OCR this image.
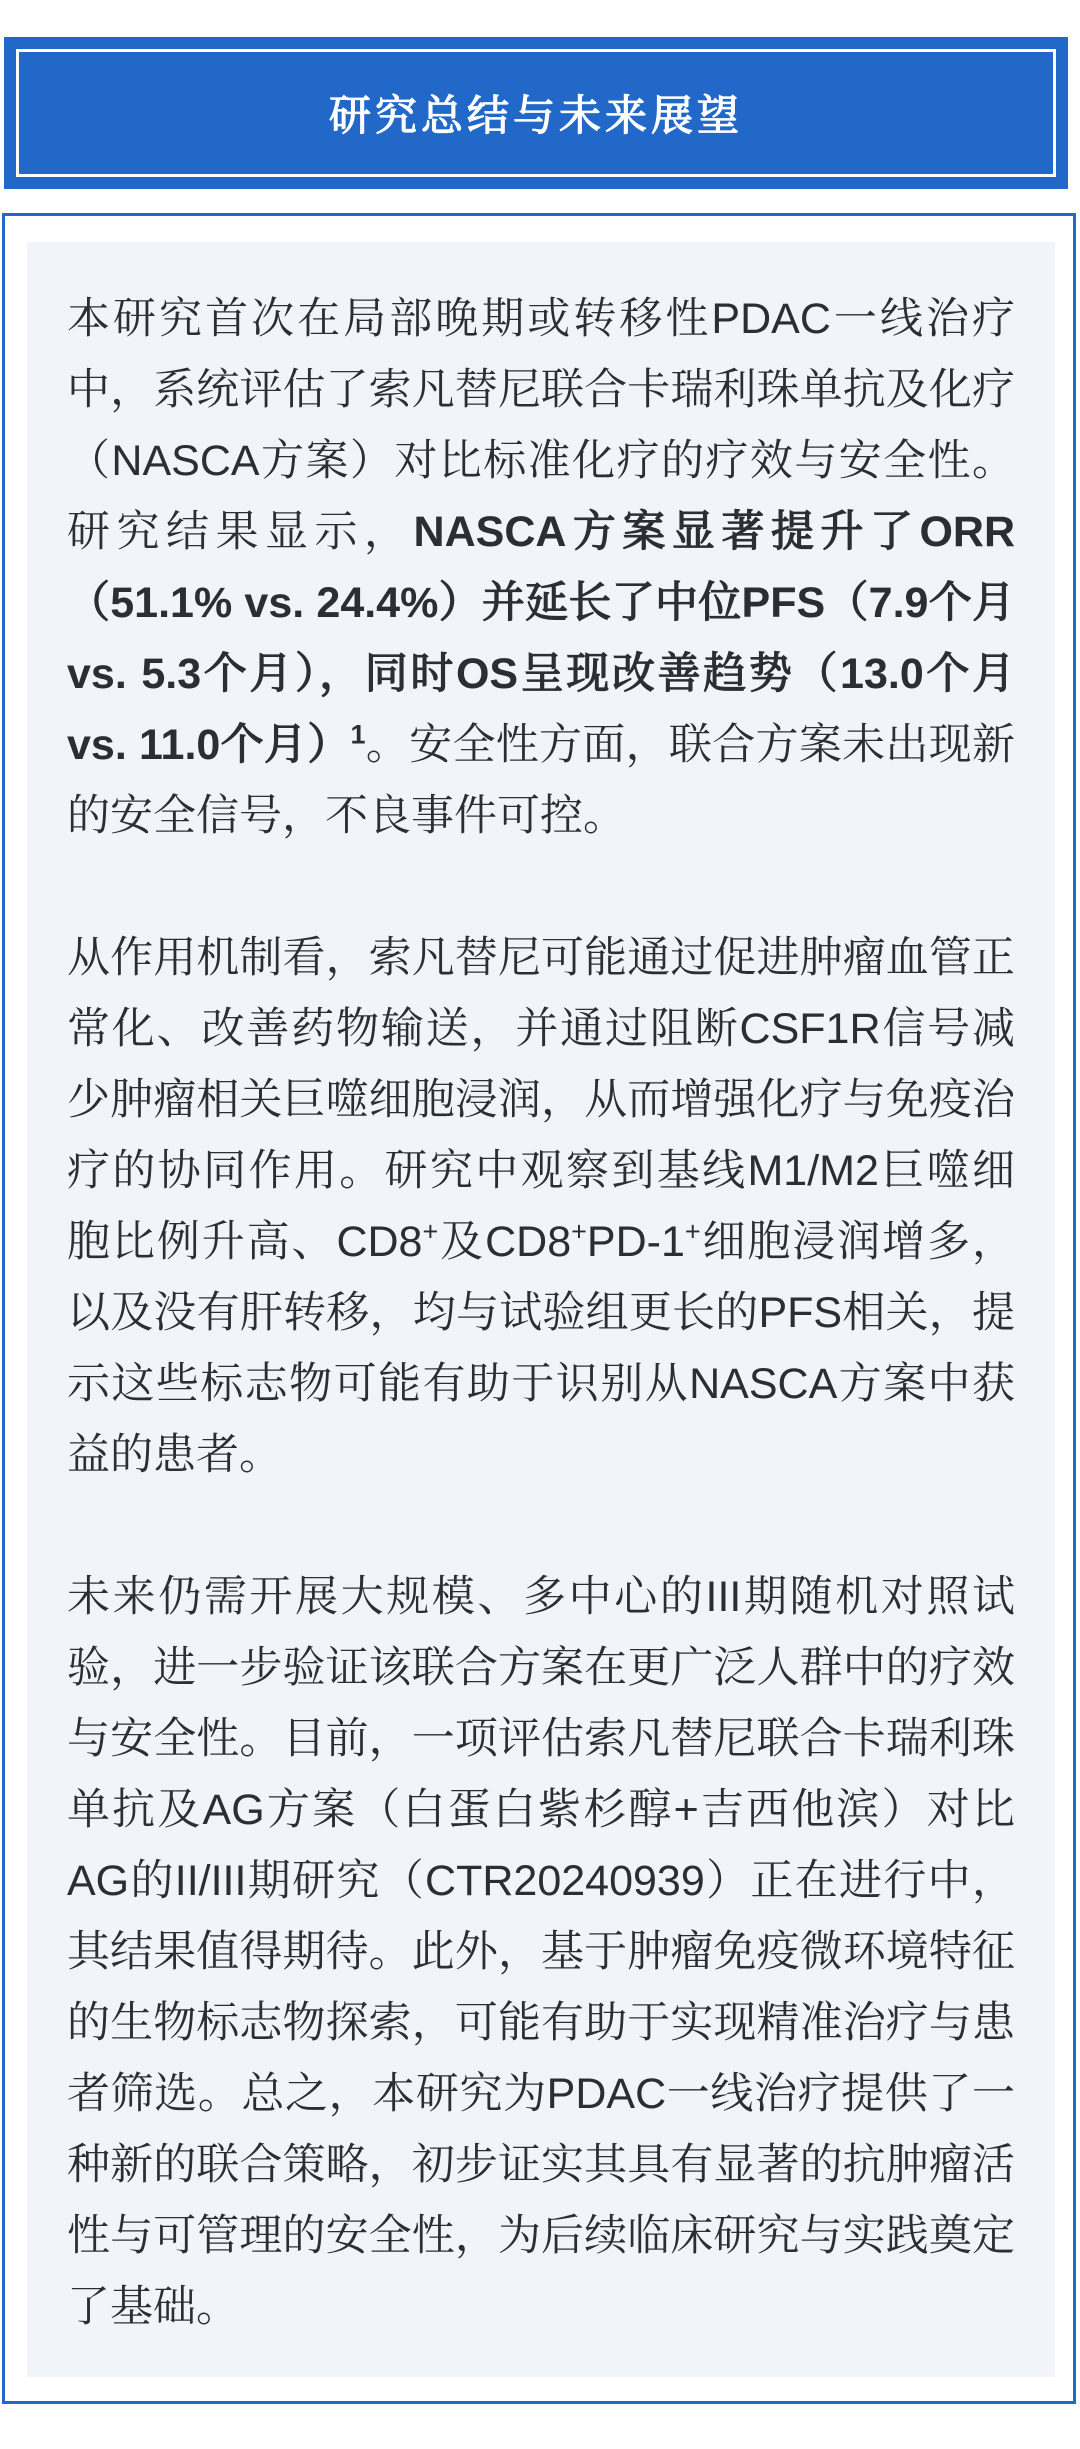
研究总结与未来展望

本研究首次在局部晚期或转移性PDAC一线治疗中，系统评估了索凡替尼联合卡瑞利珠单抗及化疗（NASCA方案）对比标准化疗的疗效与安全性。研究结果显示，NASCA方案显著提升了ORR（51.1% vs. 24.4%）并延长了中位PFS（7.9个月 vs. 5.3个月），同时OS呈现改善趋势（13.0个月 vs. 11.0个月）$^1$。安全性方面，联合方案未出现新的安全信号，不良事件可控。

从作用机制看，索凡替尼可能通过促进肿瘤血管正常化、改善药物输送，并通过阻断CSF1R信号减少肿瘤相关巨噬细胞浸润，从而增强化疗与免疫治疗的协同作用。研究中观察到基线M1/M2巨噬细胞比例升高、CD8+及CD8+PD-1+细胞浸润增多，以及没有肝转移，均与试验组更长的PFS相关，提示这些标志物可能有助于识别从NASCA方案中获益的患者。

未来仍需开展大规模、多中心的III期随机对照试验，进一步验证该联合方案在更广泛人群中的疗效与安全性。目前，一项评估索凡替尼联合卡瑞利珠单抗及AG方案（白蛋白紫杉醇+吉西他滨）对比AG的II/III期研究（CTR20240939）正在进行中，其结果值得期待。此外，基于肿瘤免疫微环境特征的生物标志物探索，可能有助于实现精准治疗与患者筛选。总之，本研究为PDAC一线治疗提供了一种新的联合策略，初步证实其具有显著的抗肿瘤活性与可管理的安全性，为后续临床研究与实践奠定了基础。
